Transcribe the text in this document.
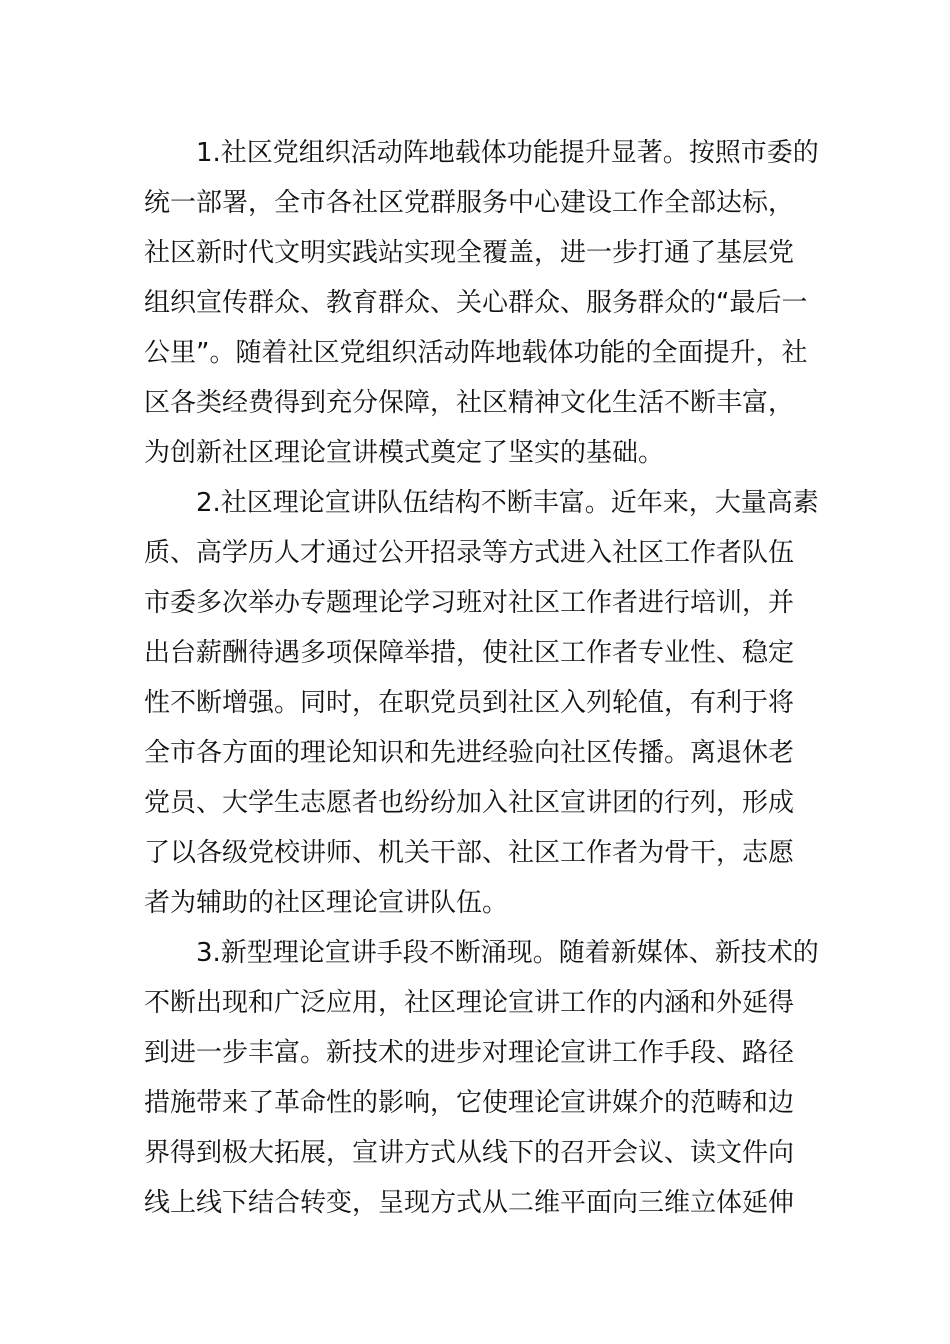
1.社区党组织活动阵地载体功能提升显著。按照市委的
统一部署，全市各社区党群服务中心建设工作全部达标，
社区新时代文明实践站实现全覆盖，进一步打通了基层党
组织宣传群众、教育群众、关心群众、服务群众的“最后一
公里”。随着社区党组织活动阵地载体功能的全面提升，社
区各类经费得到充分保障，社区精神文化生活不断丰富，
为创新社区理论宣讲模式奠定了坚实的基础。
2.社区理论宣讲队伍结构不断丰富。近年来，大量高素
质、高学历人才通过公开招录等方式进入社区工作者队伍
市委多次举办专题理论学习班对社区工作者进行培训，并
出台薪酬待遇多项保障举措，使社区工作者专业性、稳定
性不断增强。同时，在职党员到社区入列轮值，有利于将
全市各方面的理论知识和先进经验向社区传播。离退休老
党员、大学生志愿者也纷纷加入社区宣讲团的行列，形成
了以各级党校讲师、机关干部、社区工作者为骨干，志愿
者为辅助的社区理论宣讲队伍。
3.新型理论宣讲手段不断涌现。随着新媒体、新技术的
不断出现和广泛应用，社区理论宣讲工作的内涵和外延得
到进一步丰富。新技术的进步对理论宣讲工作手段、路径
措施带来了革命性的影响，它使理论宣讲媒介的范畴和边
界得到极大拓展，宣讲方式从线下的召开会议、读文件向
线上线下结合转变，呈现方式从二维平面向三维立体延伸
